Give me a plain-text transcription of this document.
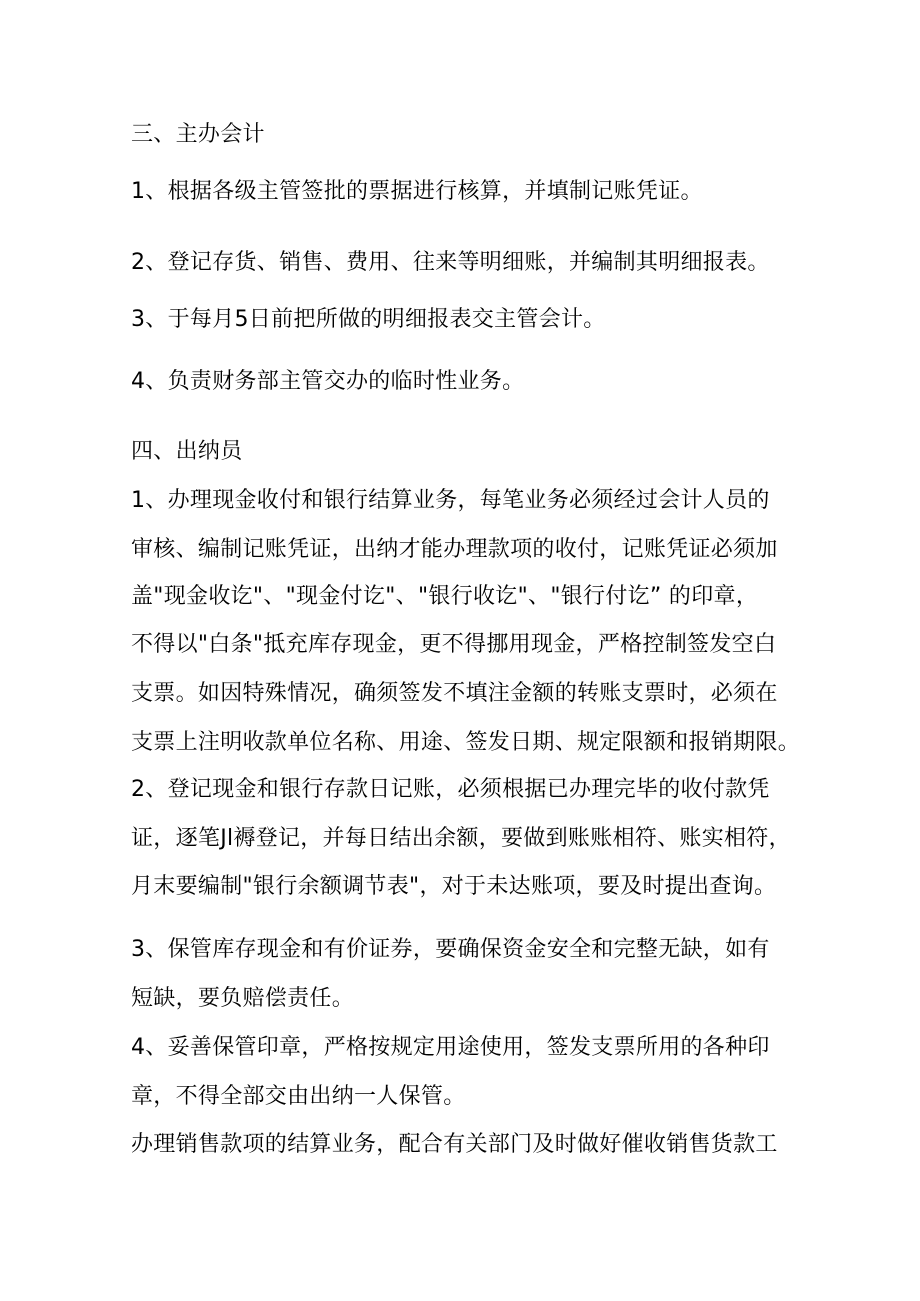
三、主办会计
1、根据各级主管签批的票据进行核算，并填制记账凭证。
2、登记存货、销售、费用、往来等明细账，并编制其明细报表。
3、于每月5日前把所做的明细报表交主管会计。
4、负责财务部主管交办的临时性业务。
四、出纳员
1、办理现金收付和银行结算业务，每笔业务必须经过会计人员的
审核、编制记账凭证，出纳才能办理款项的收付，记账凭证必须加
盖"现金收讫"、"现金付讫"、"银行收讫"、"银行付讫” 的印章，
不得以"白条"抵充库存现金，更不得挪用现金，严格控制签发空白
支票。如因特殊情况，确须签发不填注金额的转账支票时，必须在
支票上注明收款单位名称、用途、签发日期、规定限额和报销期限。
2、登记现金和银行存款日记账，必须根据已办理完毕的收付款凭
证，逐笔Jl褥登记，并每日结出余额，要做到账账相符、账实相符，
月末要编制"银行余额调节表"，对于未达账项，要及时提出查询。
3、保管库存现金和有价证券，要确保资金安全和完整无缺，如有
短缺，要负赔偿责任。
4、妥善保管印章，严格按规定用途使用，签发支票所用的各种印
章，不得全部交由出纳一人保管。
办理销售款项的结算业务，配合有关部门及时做好催收销售货款工
